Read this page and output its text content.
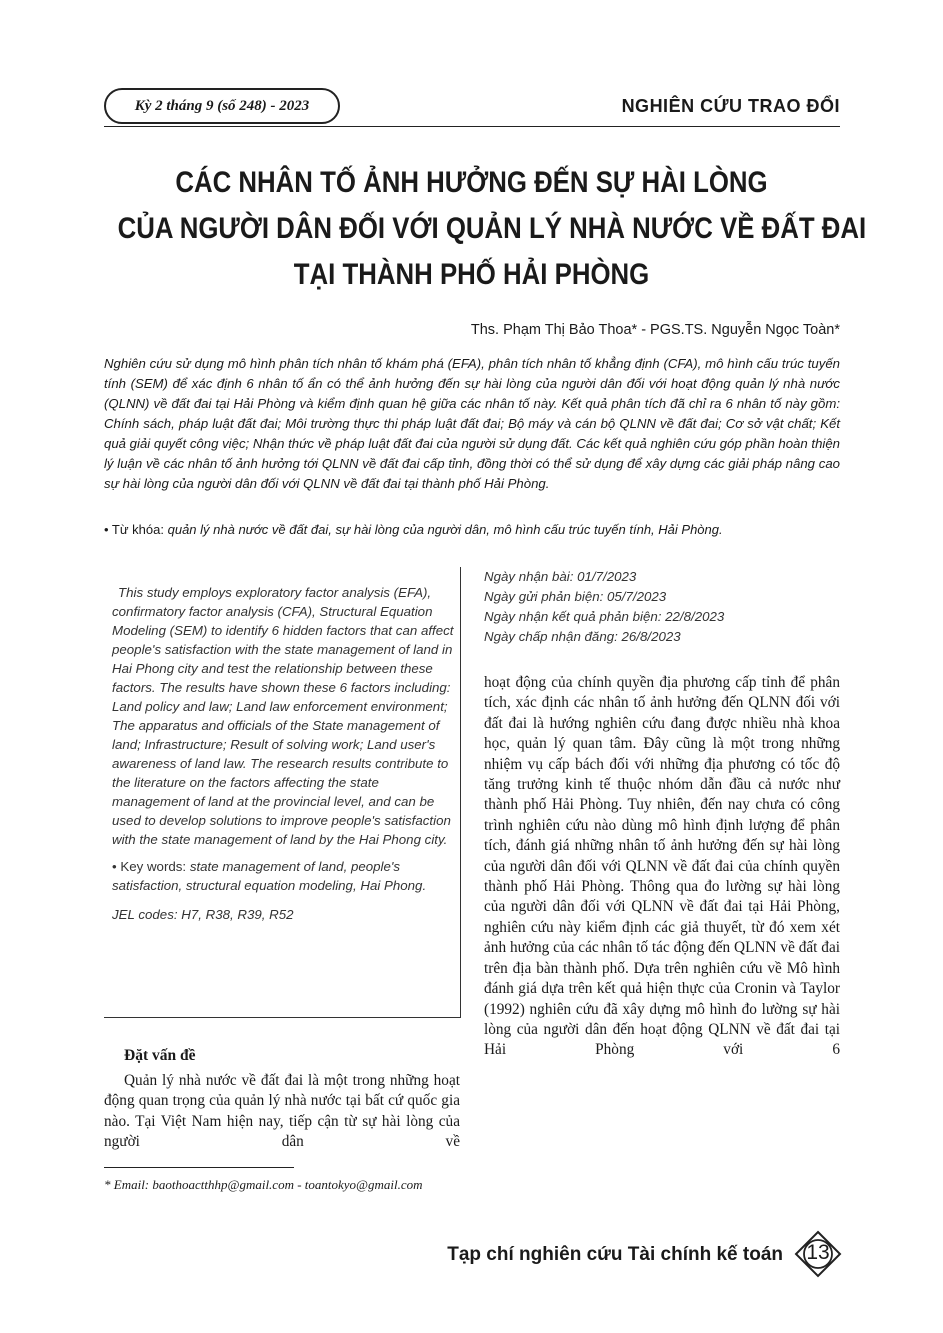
Kỳ 2 tháng 9 (số 248) - 2023	NGHIÊN CỨU TRAO ĐỔI
CÁC NHÂN TỐ ẢNH HƯỞNG ĐẾN SỰ HÀI LÒNG
CỦA NGƯỜI DÂN ĐỐI VỚI QUẢN LÝ NHÀ NƯỚC VỀ ĐẤT ĐAI
TẠI THÀNH PHỐ HẢI PHÒNG
Ths. Phạm Thị Bảo Thoa* - PGS.TS. Nguyễn Ngọc Toàn*
Nghiên cứu sử dụng mô hình phân tích nhân tố khám phá (EFA), phân tích nhân tố khẳng định (CFA), mô hình cấu trúc tuyến tính (SEM) để xác định 6 nhân tố ẩn có thể ảnh hưởng đến sự hài lòng của người dân đối với hoạt động quản lý nhà nước (QLNN) về đất đai tại Hải Phòng và kiểm định quan hệ giữa các nhân tố này. Kết quả phân tích đã chỉ ra 6 nhân tố này gồm: Chính sách, pháp luật đất đai; Môi trường thực thi pháp luật đất đai; Bộ máy và cán bộ QLNN về đất đai; Cơ sở vật chất; Kết quả giải quyết công việc; Nhận thức về pháp luật đất đai của người sử dụng đất. Các kết quả nghiên cứu góp phần hoàn thiện lý luận về các nhân tố ảnh hưởng tới QLNN về đất đai cấp tỉnh, đồng thời có thể sử dụng để xây dựng các giải pháp nâng cao sự hài lòng của người dân đối với QLNN về đất đai tại thành phố Hải Phòng.
• Từ khóa: quản lý nhà nước về đất đai, sự hài lòng của người dân, mô hình cấu trúc tuyến tính, Hải Phòng.

This study employs exploratory factor analysis (EFA), confirmatory factor analysis (CFA), Structural Equation Modeling (SEM) to identify 6 hidden factors that can affect people's satisfaction with the state management of land in Hai Phong city and test the relationship between these factors. The results have shown these 6 factors including: Land policy and law; Land law enforcement environment; The apparatus and officials of the State management of land; Infrastructure; Result of solving work; Land user's awareness of land law. The research results contribute to the literature on the factors affecting the state management of land at the provincial level, and can be used to develop solutions to improve people's satisfaction with the state management of land by the Hai Phong city.

• Key words: state management of land, people's satisfaction, structural equation modeling, Hai Phong.

JEL codes: H7, R38, R39, R52

Ngày nhận bài: 01/7/2023
Ngày gửi phản biện: 05/7/2023
Ngày nhận kết quả phản biện: 22/8/2023
Ngày chấp nhận đăng: 26/8/2023
hoạt động của chính quyền địa phương cấp tỉnh để phân tích, xác định các nhân tố ảnh hưởng đến QLNN đối với đất đai là hướng nghiên cứu đang được nhiều nhà khoa học, quản lý quan tâm. Đây cũng là một trong những nhiệm vụ cấp bách đối với những địa phương có tốc độ tăng trưởng kinh tế thuộc nhóm dẫn đầu cả nước như thành phố Hải Phòng. Tuy nhiên, đến nay chưa có công trình nghiên cứu nào dùng mô hình định lượng để phân tích, đánh giá những nhân tố ảnh hưởng đến sự hài lòng của người dân đối với QLNN về đất đai của chính quyền thành phố Hải Phòng. Thông qua đo lường sự hài lòng của người dân đối với QLNN về đất đai tại Hải Phòng, nghiên cứu này kiểm định các giả thuyết, từ đó xem xét ảnh hưởng của các nhân tố tác động đến QLNN về đất đai trên địa bàn thành phố. Dựa trên nghiên cứu về Mô hình đánh giá dựa trên kết quả hiện thực của Cronin và Taylor (1992) nghiên cứu đã xây dựng mô hình đo lường sự hài lòng của người dân đến hoạt động QLNN về đất đai tại Hải Phòng với 6
Đặt vấn đề
Quản lý nhà nước về đất đai là một trong những hoạt động quan trọng của quản lý nhà nước tại bất cứ quốc gia nào. Tại Việt Nam hiện nay, tiếp cận từ sự hài lòng của người dân về
* Email: baothoactthhp@gmail.com - toantokyo@gmail.com
Tạp chí nghiên cứu Tài chính kế toán	13
